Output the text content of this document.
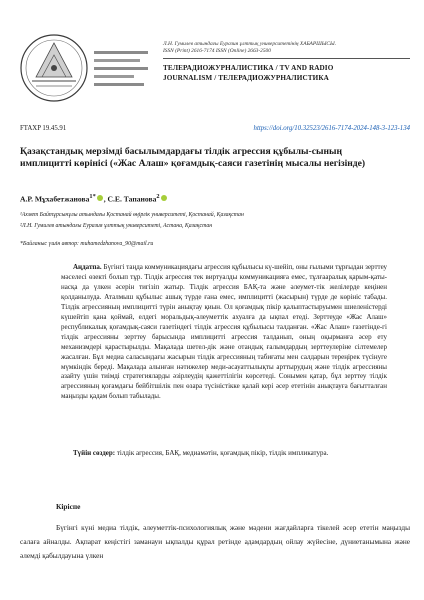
Л.Н. Гумилев атындағы Еуразия ұлттық университетінің ХАБАРШЫСЫ.
ISSN (Print) 2616-7174 ISSN (Online) 2663-2500
ТЕЛЕРАДИОЖУРНАЛИСТИКА / TV AND RADIO
JOURNALISM / ТЕЛЕРАДИОЖУРНАЛИСТИКА
FTAXP 19.45.91	https://doi.org/10.32523/2616-7174-2024-148-3-123-134
Қазақстандық мерзімді басылымдардағы тілдік агрессия құбылы-сының имплицитті көрінісі («Жас Алаш» қоғамдық-саяси газетінің мысалы негізінде)
А.Р. Мұхабетжанова$^{1*}$ , С.Е. Тапанова$^2$
¹Ахмет Байтұрсынұлы атындағы Қостанай өңірлік университеті, Қостанай, Қазақстан
²Л.Н. Гумилев атындағы Еуразия ұлттық университеті, Астана, Қазақстан
*Байланыс үшін автор: muhamedzhanova_90@mail.ru

Аңдатпа. Бүгінгі таңда коммуникациядағы агрессия құбылысы кү-шейіп, оны ғылыми тұрғыдан зерттеу мәселесі өзекті болып тұр. Тілдік агрессия тек виртуалды коммуникацияға емес, тұлғааралық қарым-қаты-насқа да үлкен әсерін тигізіп жатыр. Тілдік агрессия БАҚ-та және әлеумет-тік желілерде кеңінен қолданылуда. Аталмыш құбылыс ашық түрде ғана емес, имплицитті (жасырын) түрде де көрініс табады. Тілдік агрессияның имплицитті түрін анықтау қиын. Ол қоғамдық пікір қалыптастыруымен шиеленістерді күшейтіп қана қоймай, елдегі моральдық-әлеуметтік ахуалға да ықпал етеді. Зерттеуде «Жас Алаш» республикалық қоғамдық-саяси газетіндегі тілдік агрессия құбылысы талданған. «Жас Алаш» газетінде-гі тілдік агрессияны зерттеу барысында имплицитті агрессия талданып, оның оқырманға әсер ету механизмдері қарастырылды. Мақалада шетел-дік және отандық ғалымдардың зерттеулеріне сілтемелер жасалған. Бұл медиа саласындағы жасырын тілдік агрессияның табиғаты мен салдарын тереңірек түсінуге мүмкіндік береді. Мақалада алынған нәтижелер меди-асауаттылықты арттырудың және тілдік агрессияны азайту үшін тиімді стратегияларды әзірлеудің қажеттілігін көрсетеді. Сонымен қатар, бұл зерттеу тілдік агрессияның қоғамдағы бейбітшілік пен өзара түсіністікке қалай кері әсер ететінін анықтауға бағытталған маңызды қадам болып табылады.

Түйін сөздер: тілдік агрессия, БАҚ, медиамәтін, қоғамдық пікір, тілдік импликатура.

Кіріспе

Бүгінгі күні медиа тілдік, әлеуметтік-психологиялық және мәдени жағдайларға тікелей әсер ететін маңызды салаға айналды. Ақпарат кеңістігі заманауи ықпалды құрал ретінде адамдардың ойлау жүйесіне, дүниетанымына және әлемді қабылдауына үлкен
